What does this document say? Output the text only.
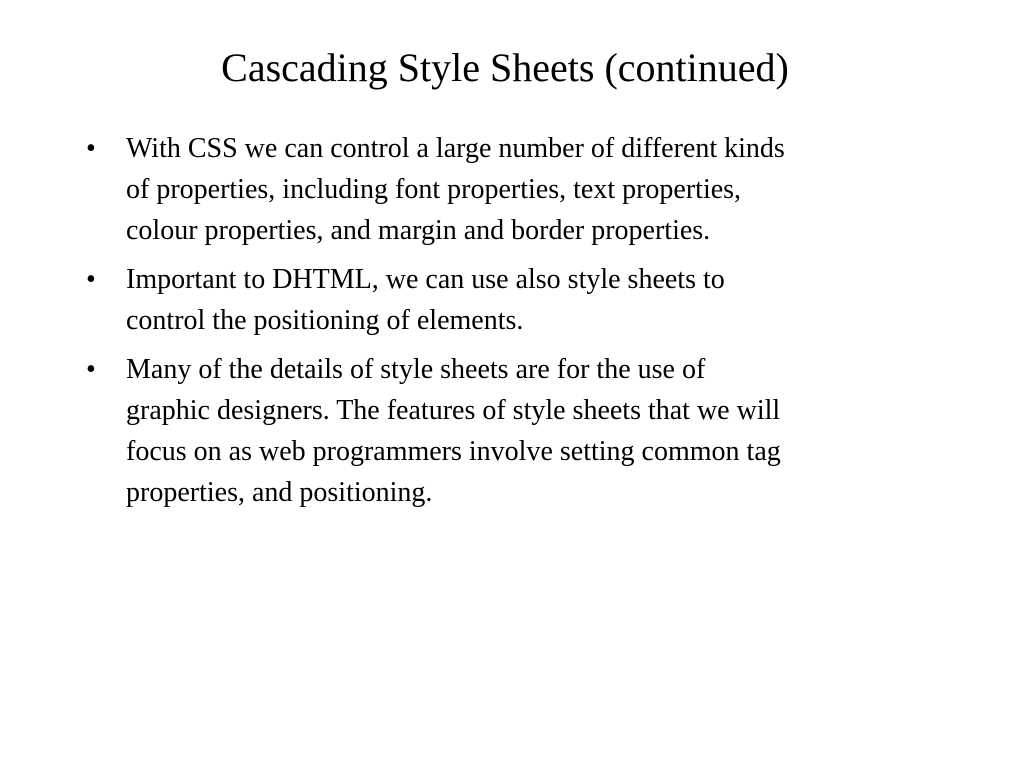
Cascading Style Sheets (continued)
•	With CSS we can control a large number of different kinds
of properties, including font properties, text properties,
colour properties, and margin and border properties.
•	Important to DHTML, we can use also style sheets to
control the positioning of elements.
•	Many of the details of style sheets are for the use of
graphic designers. The features of style sheets that we will
focus on as web programmers involve setting common tag
properties, and positioning.
